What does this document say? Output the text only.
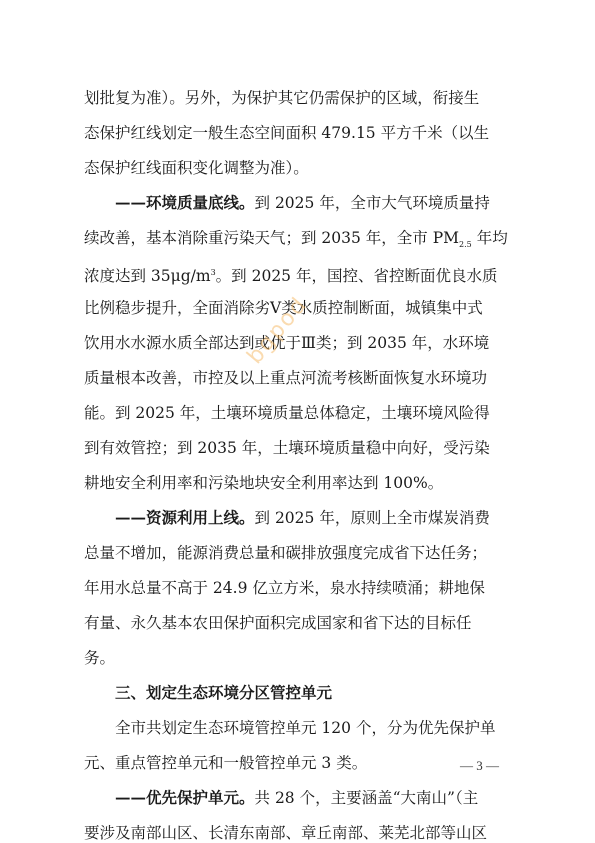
划批复为准）。另外，为保护其它仍需保护的区域，衔接生
态保护红线划定一般生态空间面积 479.15 平方千米（以生
态保护红线面积变化调整为准）。
——环境质量底线。到 2025 年，全市大气环境质量持
续改善，基本消除重污染天气；到 2035 年，全市 $PM_{2.5}$ 年均
浓度达到 $35\mu g/m^3$。到 2025 年，国控、省控断面优良水质
比例稳步提升，全面消除劣Ⅴ类水质控制断面，城镇集中式
饮用水水源水质全部达到或优于Ⅲ类；到 2035 年，水环境
质量根本改善，市控及以上重点河流考核断面恢复水环境功
能。到 2025 年，土壤环境质量总体稳定，土壤环境风险得
到有效管控；到 2035 年，土壤环境质量稳中向好，受污染
耕地安全利用率和污染地块安全利用率达到 100%。
——资源利用上线。到 2025 年，原则上全市煤炭消费
总量不增加，能源消费总量和碳排放强度完成省下达任务；
年用水总量不高于 24.9 亿立方米，泉水持续喷涌；耕地保
有量、永久基本农田保护面积完成国家和省下达的目标任
务。
三、划定生态环境分区管控单元
全市共划定生态环境管控单元 120 个，分为优先保护单
元、重点管控单元和一般管控单元 3 类。
——优先保护单元。共 28 个，主要涵盖“大南山”（主
要涉及南部山区、长清东南部、章丘南部、莱芜北部等山区
bgpod
— 3 —
